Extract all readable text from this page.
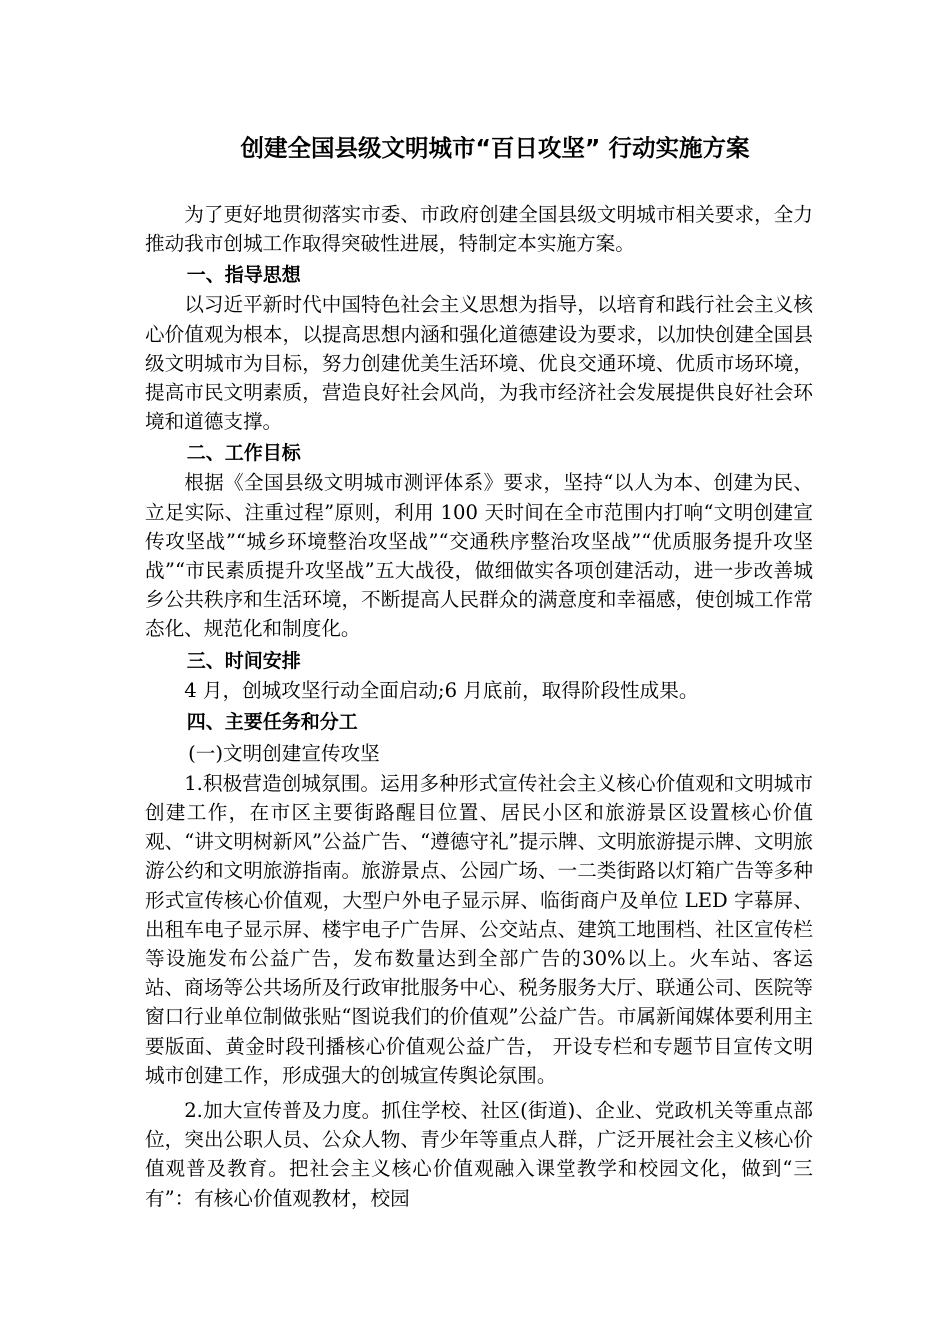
创建全国县级文明城市“百日攻坚” 行动实施方案

为了更好地贯彻落实市委、市政府创建全国县级文明城市相关要求，全力推动我市创城工作取得突破性进展，特制定本实施方案。

一、指导思想

以习近平新时代中国特色社会主义思想为指导，以培育和践行社会主义核心价值观为根本，以提高思想内涵和强化道德建设为要求，以加快创建全国县级文明城市为目标，努力创建优美生活环境、优良交通环境、优质市场环境，提高市民文明素质，营造良好社会风尚，为我市经济社会发展提供良好社会环境和道德支撑。

二、工作目标

根据《全国县级文明城市测评体系》要求，坚持“以人为本、创建为民、立足实际、注重过程”原则，利用 100 天时间在全市范围内打响“文明创建宣传攻坚战”“城乡环境整治攻坚战”“交通秩序整治攻坚战”“优质服务提升攻坚战”“市民素质提升攻坚战”五大战役，做细做实各项创建活动，进一步改善城乡公共秩序和生活环境，不断提高人民群众的满意度和幸福感，使创城工作常态化、规范化和制度化。

三、时间安排

4 月，创城攻坚行动全面启动;6 月底前，取得阶段性成果。

四、主要任务和分工

(一)文明创建宣传攻坚

1.积极营造创城氛围。运用多种形式宣传社会主义核心价值观和文明城市创建工作，在市区主要街路醒目位置、居民小区和旅游景区设置核心价值观、“讲文明树新风”公益广告、“遵德守礼”提示牌、文明旅游提示牌、文明旅游公约和文明旅游指南。旅游景点、公园广场、一二类街路以灯箱广告等多种形式宣传核心价值观，大型户外电子显示屏、临街商户及单位 LED 字幕屏、出租车电子显示屏、楼宇电子广告屏、公交站点、建筑工地围档、社区宣传栏等设施发布公益广告，发布数量达到全部广告的30%以上。火车站、客运站、商场等公共场所及行政审批服务中心、税务服务大厅、联通公司、医院等窗口行业单位制做张贴“图说我们的价值观”公益广告。市属新闻媒体要利用主要版面、黄金时段刊播核心价值观公益广告， 开设专栏和专题节目宣传文明城市创建工作，形成强大的创城宣传舆论氛围。

2.加大宣传普及力度。抓住学校、社区(街道)、企业、党政机关等重点部位，突出公职人员、公众人物、青少年等重点人群，广泛开展社会主义核心价值观普及教育。把社会主义核心价值观融入课堂教学和校园文化，做到“三有”：有核心价值观教材，校园
